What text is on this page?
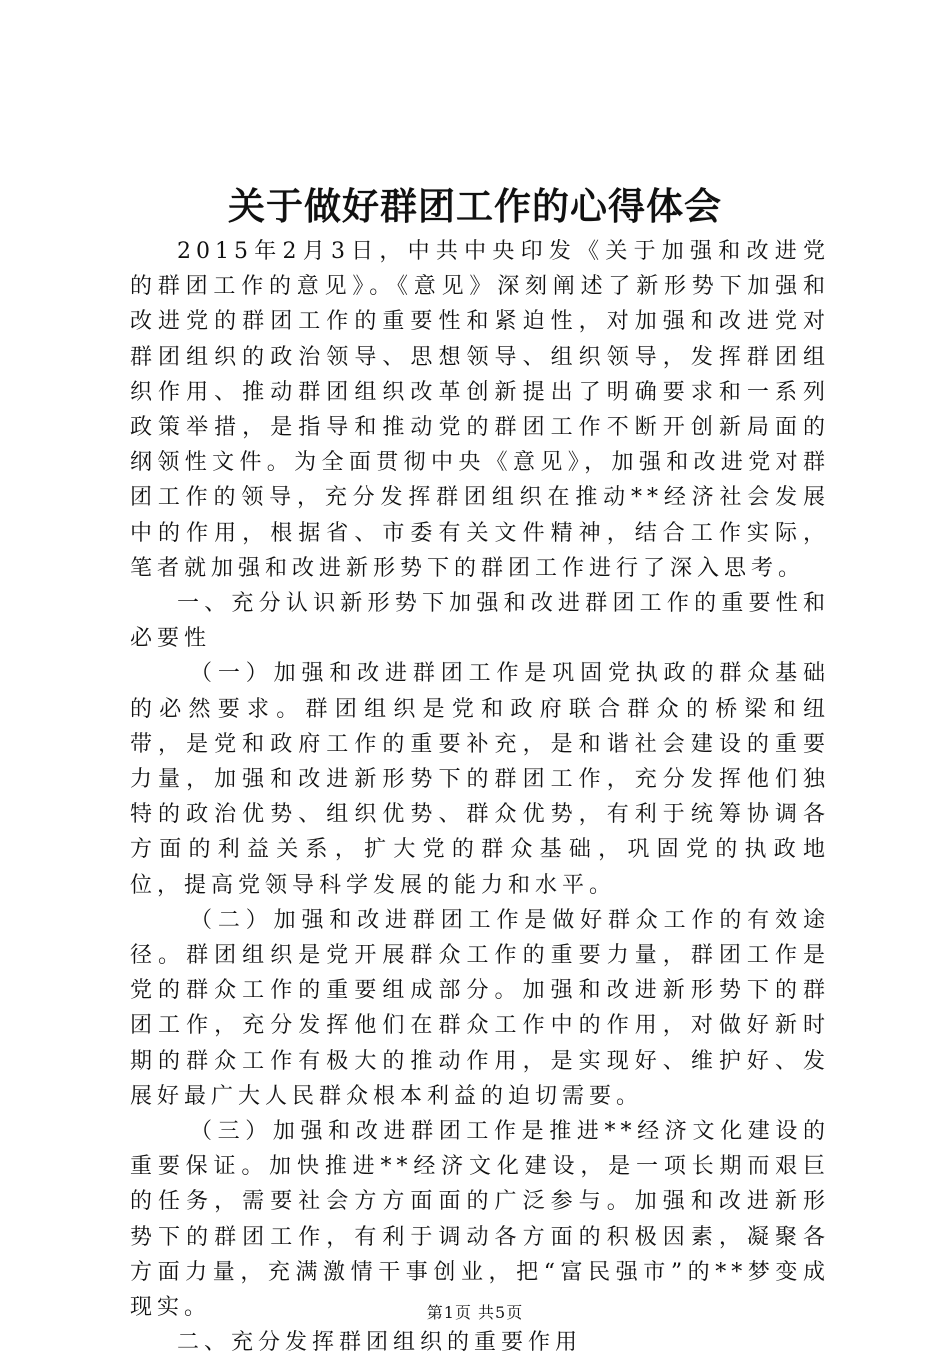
关于做好群团工作的心得体会

2015年2月3日，中共中央印发《关于加强和改进党的群团工作的意见》。《意见》深刻阐述了新形势下加强和改进党的群团工作的重要性和紧迫性，对加强和改进党对群团组织的政治领导、思想领导、组织领导，发挥群团组织作用、推动群团组织改革创新提出了明确要求和一系列政策举措，是指导和推动党的群团工作不断开创新局面的纲领性文件。为全面贯彻中央《意见》，加强和改进党对群团工作的领导，充分发挥群团组织在推动**经济社会发展中的作用，根据省、市委有关文件精神，结合工作实际，笔者就加强和改进新形势下的群团工作进行了深入思考。

一、充分认识新形势下加强和改进群团工作的重要性和必要性

（一）加强和改进群团工作是巩固党执政的群众基础的必然要求。群团组织是党和政府联合群众的桥梁和纽带，是党和政府工作的重要补充，是和谐社会建设的重要力量，加强和改进新形势下的群团工作，充分发挥他们独特的政治优势、组织优势、群众优势，有利于统筹协调各方面的利益关系，扩大党的群众基础，巩固党的执政地位，提高党领导科学发展的能力和水平。

（二）加强和改进群团工作是做好群众工作的有效途径。群团组织是党开展群众工作的重要力量，群团工作是党的群众工作的重要组成部分。加强和改进新形势下的群团工作，充分发挥他们在群众工作中的作用，对做好新时期的群众工作有极大的推动作用，是实现好、维护好、发展好最广大人民群众根本利益的迫切需要。

（三）加强和改进群团工作是推进**经济文化建设的重要保证。加快推进**经济文化建设，是一项长期而艰巨的任务，需要社会方方面面的广泛参与。加强和改进新形势下的群团工作，有利于调动各方面的积极因素，凝聚各方面力量，充满激情干事创业，把“富民强市”的**梦变成现实。

二、充分发挥群团组织的重要作用

第1页 共5页
